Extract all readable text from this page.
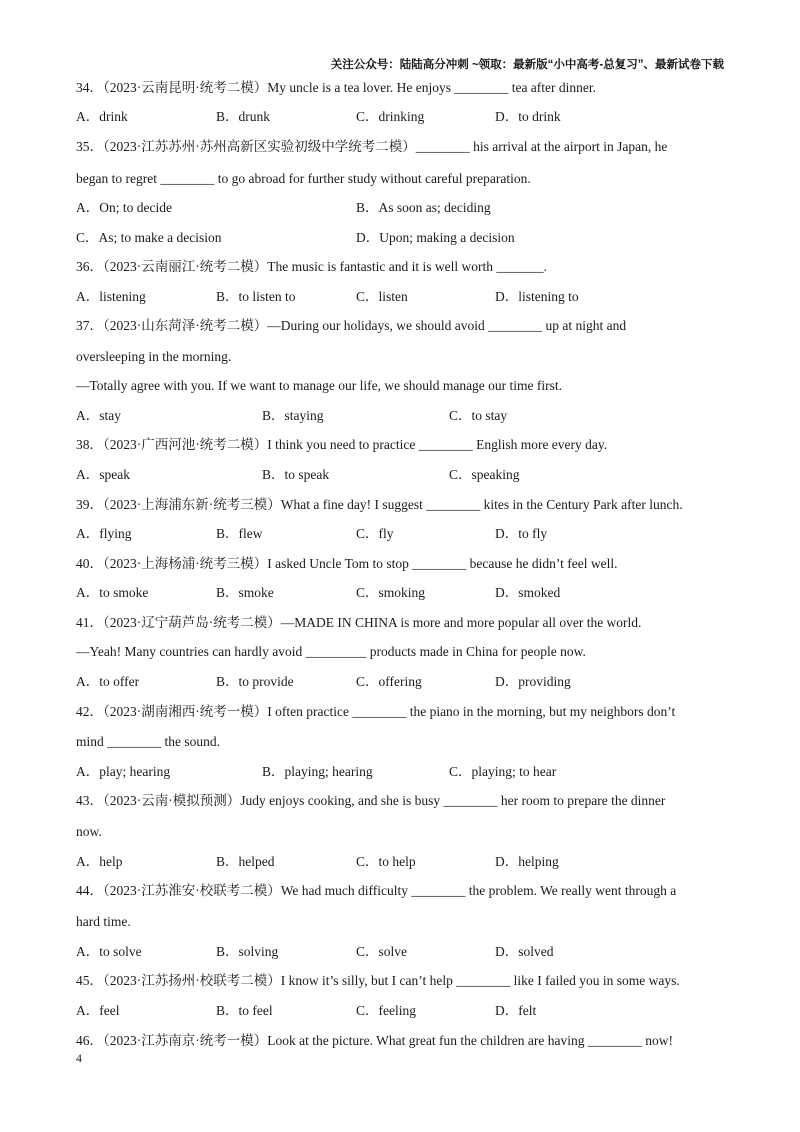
关注公众号：陆陆高分冲刺 ~领取：最新版“小中高考-总复习”、最新试卷下载
34．（2023·云南昆明·统考二模）My uncle is a tea lover. He enjoys ________ tea after dinner.
A．drink	B．drunk	C．drinking	D．to drink
35．（2023·江苏苏州·苏州高新区实验初级中学统考二模）________ his arrival at the airport in Japan, he
began to regret ________ to go abroad for further study without careful preparation.
A．On; to decide	B．As soon as; deciding
C．As; to make a decision	D．Upon; making a decision
36．（2023·云南丽江·统考二模）The music is fantastic and it is well worth _______.
A．listening	B．to listen to	C．listen	D．listening to
37．（2023·山东菏泽·统考二模）—During our holidays, we should avoid ________ up at night and
oversleeping in the morning.
—Totally agree with you. If we want to manage our life, we should manage our time first.
A．stay	B．staying	C．to stay
38．（2023·广西河池·统考二模）I think you need to practice ________ English more every day.
A．speak	B．to speak	C．speaking
39．（2023·上海浦东新·统考三模）What a fine day! I suggest ________ kites in the Century Park after lunch.
A．flying	B．flew	C．fly	D．to fly
40．（2023·上海杨浦·统考三模）I asked Uncle Tom to stop ________ because he didn’t feel well.
A．to smoke	B．smoke	C．smoking	D．smoked
41．（2023·辽宁葫芦岛·统考二模）—MADE IN CHINA is more and more popular all over the world.
—Yeah! Many countries can hardly avoid _________ products made in China for people now.
A．to offer	B．to provide	C．offering	D．providing
42．（2023·湖南湘西·统考一模）I often practice ________ the piano in the morning, but my neighbors don’t
mind ________ the sound.
A．play; hearing	B．playing; hearing	C．playing; to hear
43．（2023·云南·模拟预测）Judy enjoys cooking, and she is busy ________ her room to prepare the dinner
now.
A．help	B．helped	C．to help	D．helping
44．（2023·江苏淮安·校联考二模）We had much difficulty ________ the problem. We really went through a
hard time.
A．to solve	B．solving	C．solve	D．solved
45．（2023·江苏扬州·校联考二模）I know it’s silly, but I can’t help ________ like I failed you in some ways.
A．feel	B．to feel	C．feeling	D．felt
46．（2023·江苏南京·统考一模）Look at the picture. What great fun the children are having ________ now!
4
